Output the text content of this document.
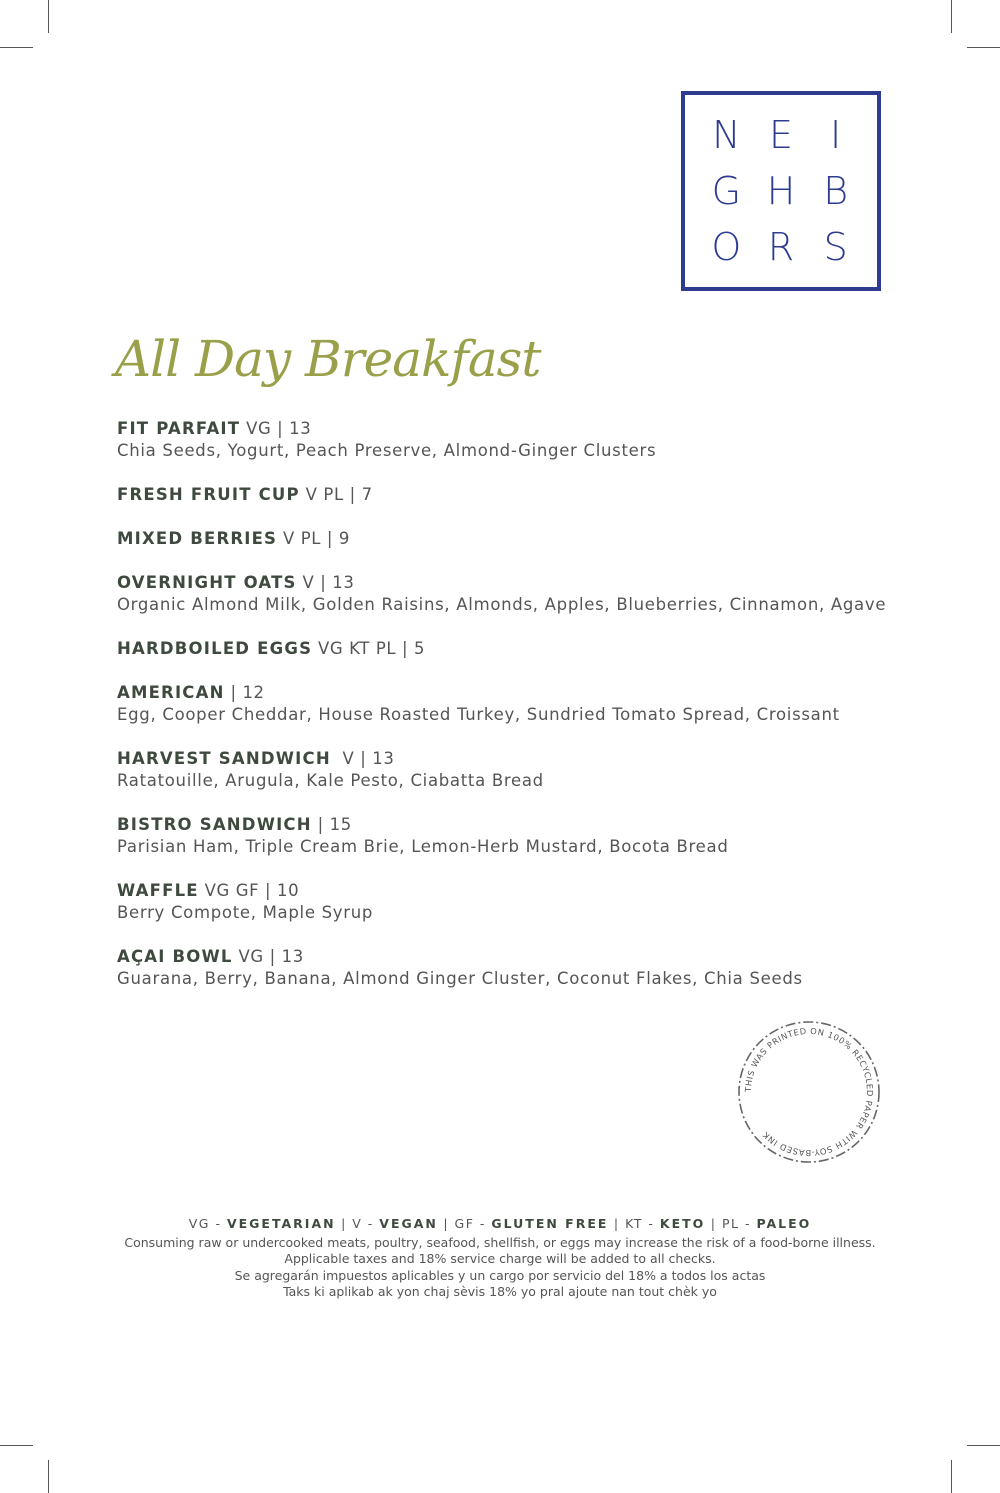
N E I
G H B
O R S
All Day Breakfast
FIT PARFAIT VG | 13
Chia Seeds, Yogurt, Peach Preserve, Almond-Ginger Clusters
FRESH FRUIT CUP V PL | 7
MIXED BERRIES V PL | 9
OVERNIGHT OATS V | 13
Organic Almond Milk, Golden Raisins, Almonds, Apples, Blueberries, Cinnamon, Agave
HARDBOILED EGGS VG KT PL | 5
AMERICAN | 12
Egg, Cooper Cheddar, House Roasted Turkey, Sundried Tomato Spread, Croissant
HARVEST SANDWICH  V | 13
Ratatouille, Arugula, Kale Pesto, Ciabatta Bread
BISTRO SANDWICH | 15
Parisian Ham, Triple Cream Brie, Lemon-Herb Mustard, Bocota Bread
WAFFLE VG GF | 10
Berry Compote, Maple Syrup
AÇAI BOWL VG | 13
Guarana, Berry, Banana, Almond Ginger Cluster, Coconut Flakes, Chia Seeds
THIS WAS PRINTED ON 100% RECYCLED PAPER WITH SOY-BASED INK
VG - VEGETARIAN | V - VEGAN | GF - GLUTEN FREE | KT - KETO | PL - PALEO
Consuming raw or undercooked meats, poultry, seafood, shellfish, or eggs may increase the risk of a food-borne illness.
Applicable taxes and 18% service charge will be added to all checks.
Se agregarán impuestos aplicables y un cargo por servicio del 18% a todos los actas
Taks ki aplikab ak yon chaj sèvis 18% yo pral ajoute nan tout chèk yo
